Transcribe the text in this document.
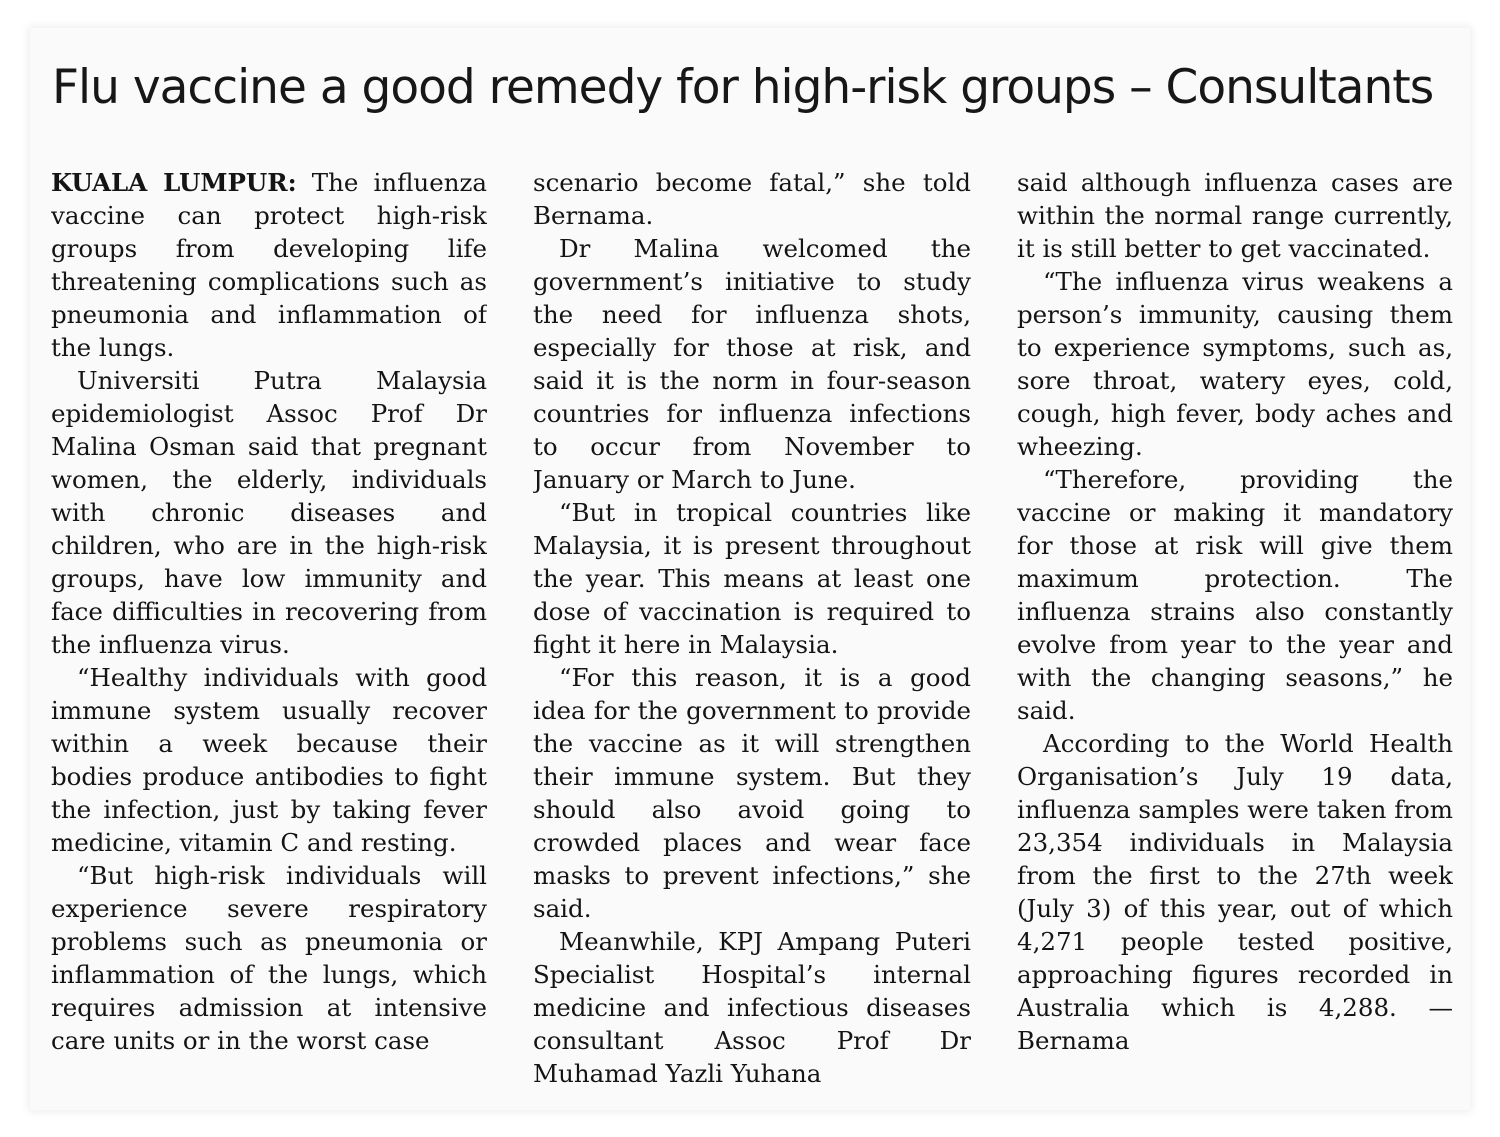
Flu vaccine a good remedy for high-risk groups – Consultants

KUALA LUMPUR: The influenza vaccine can protect high-risk groups from developing life threatening complications such as pneumonia and inflammation of the lungs.

Universiti Putra Malaysia epidemiologist Assoc Prof Dr Malina Osman said that pregnant women, the elderly, individuals with chronic diseases and children, who are in the high-risk groups, have low immunity and face difficulties in recovering from the influenza virus.

“Healthy individuals with good immune system usually recover within a week because their bodies produce antibodies to fight the infection, just by taking fever medicine, vitamin C and resting.

“But high-risk individuals will experience severe respiratory problems such as pneumonia or inflammation of the lungs, which requires admission at intensive care units or in the worst case

scenario become fatal,” she told Bernama.

Dr Malina welcomed the government’s initiative to study the need for influenza shots, especially for those at risk, and said it is the norm in four-season countries for influenza infections to occur from November to January or March to June.

“But in tropical countries like Malaysia, it is present throughout the year. This means at least one dose of vaccination is required to fight it here in Malaysia.

“For this reason, it is a good idea for the government to provide the vaccine as it will strengthen their immune system. But they should also avoid going to crowded places and wear face masks to prevent infections,” she said.

Meanwhile, KPJ Ampang Puteri Specialist Hospital’s internal medicine and infectious diseases consultant Assoc Prof Dr Muhamad Yazli Yuhana

said although influenza cases are within the normal range currently, it is still better to get vaccinated.

“The influenza virus weakens a person’s immunity, causing them to experience symptoms, such as, sore throat, watery eyes, cold, cough, high fever, body aches and wheezing.

“Therefore, providing the vaccine or making it mandatory for those at risk will give them maximum protection. The influenza strains also constantly evolve from year to the year and with the changing seasons,” he said.

According to the World Health Organisation’s July 19 data, influenza samples were taken from 23,354 individuals in Malaysia from the first to the 27th week (July 3) of this year, out of which 4,271 people tested positive, approaching figures recorded in Australia which is 4,288. — Bernama
